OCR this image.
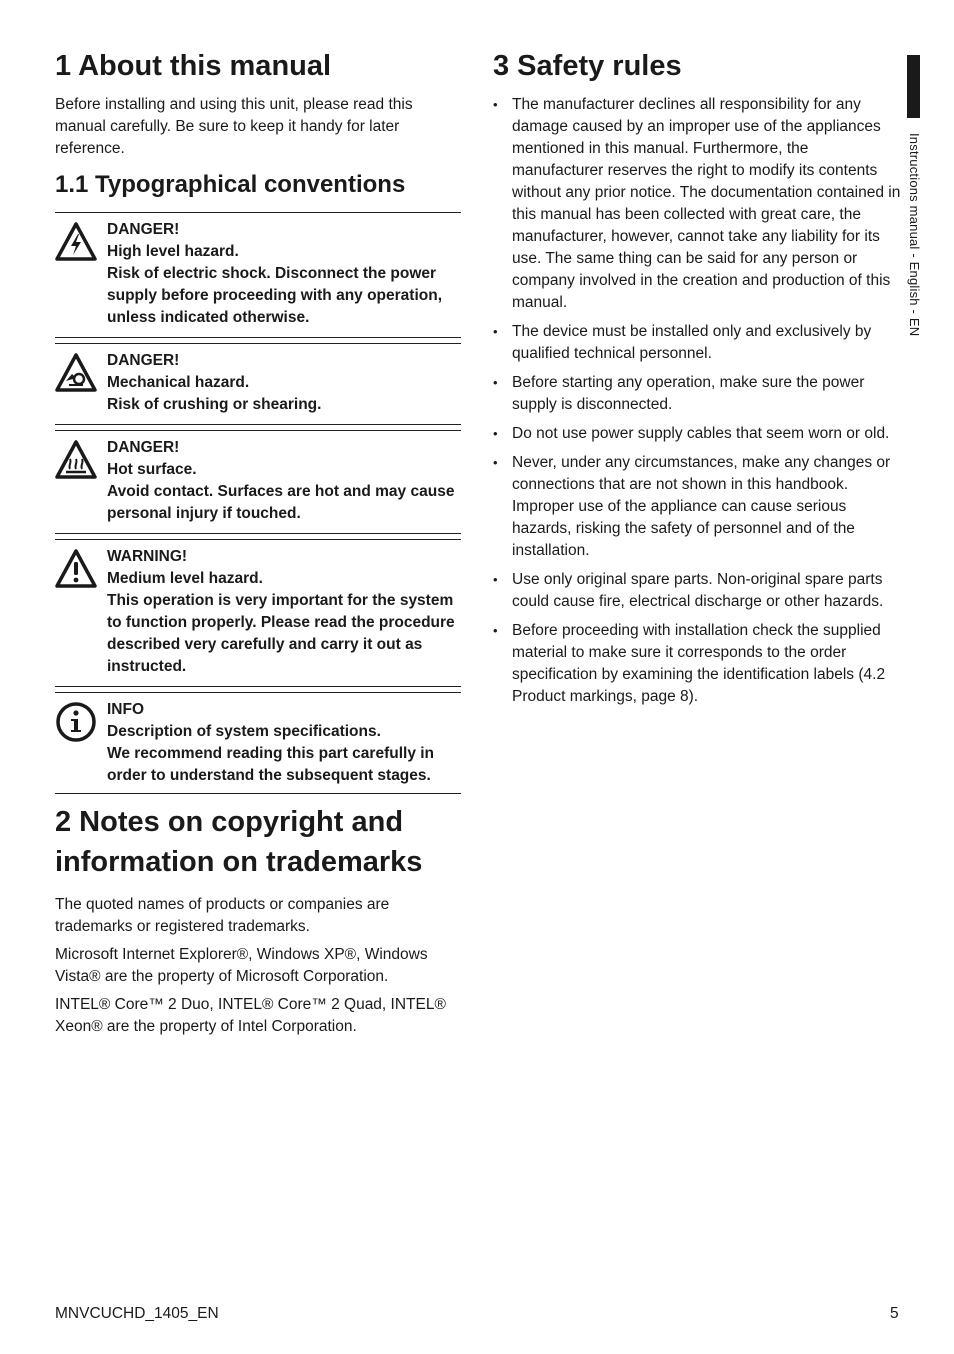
1 About this manual

Before installing and using this unit, please read this manual carefully. Be sure to keep it handy for later reference.

1.1 Typographical conventions
DANGER!
High level hazard.
Risk of electric shock. Disconnect the power supply before proceeding with any operation, unless indicated otherwise.
DANGER!
Mechanical hazard.
Risk of crushing or shearing.
DANGER!
Hot surface.
Avoid contact. Surfaces are hot and may cause personal injury if touched.
WARNING!
Medium level hazard.
This operation is very important for the system to function properly. Please read the procedure described very carefully and carry it out as instructed.
INFO
Description of system specifications.
We recommend reading this part carefully in order to understand the subsequent stages.
2 Notes on copyright and information on trademarks

The quoted names of products or companies are trademarks or registered trademarks.

Microsoft Internet Explorer®, Windows XP®, Windows Vista® are the property of Microsoft Corporation.

INTEL® Core™ 2 Duo, INTEL® Core™ 2 Quad, INTEL® Xeon® are the property of Intel Corporation.

3 Safety rules
• The manufacturer declines all responsibility for any damage caused by an improper use of the appliances mentioned in this manual. Furthermore, the manufacturer reserves the right to modify its contents without any prior notice. The documentation contained in this manual has been collected with great care, the manufacturer, however, cannot take any liability for its use. The same thing can be said for any person or company involved in the creation and production of this manual.
• The device must be installed only and exclusively by qualified technical personnel.
• Before starting any operation, make sure the power supply is disconnected.
• Do not use power supply cables that seem worn or old.
• Never, under any circumstances, make any changes or connections that are not shown in this handbook. Improper use of the appliance can cause serious hazards, risking the safety of personnel and of the installation.
• Use only original spare parts. Non-original spare parts could cause fire, electrical discharge or other hazards.
• Before proceeding with installation check the supplied material to make sure it corresponds to the order specification by examining the identification labels (4.2 Product markings, page 8).
Instructions manual - English - EN
MNVCUCHD_1405_EN	5
